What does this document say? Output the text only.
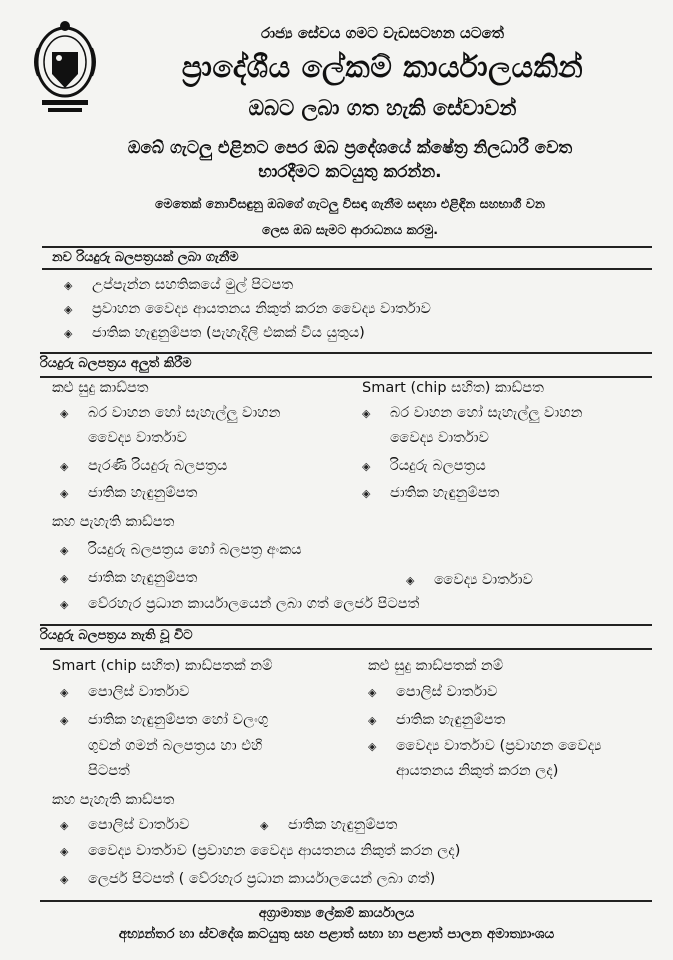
රාජ්‍ය සේවය ගමට වැඩසටහන යටතේ
ප්‍රාදේශීය ලේකම් කාර්යාලයකින්
ඔබට ලබා ගත හැකි සේවාවන්
ඔබේ ගැටලු එළිනට පෙර ඔබ ප්‍රදේශයේ ක්ෂේත්‍ර නිලධාරී වෙත
භාරදීමට කටයුතු කරන්න.
මෙතෙක් නොවිසඳුනු ඔබගේ ගැටලු විසඳා ගැනීම සඳහා එළිඳින සහභාගී වන
ලෙස ඔබ සැමට ආරාධනය කරමු.
නව රියදුරු බලපත්‍රයක් ලබා ගැනීම
◈ උප්පැන්න සහතිකයේ මුල් පිටපත
◈ ප්‍රවාහන වෛද්‍ය ආයතනය නිකුත් කරන වෛද්‍ය වාර්තාව
◈ ජාතික හැඳුනුම්පත (පැහැදිලි එකක් විය යුතුය)
රියදුරු බලපත්‍රය අලුත් කිරීම
කළු සුදු කාඩ්පත	Smart (chip සහිත) කාඩ්පත
◈ බර වාහන හෝ සැහැල්ලු වාහන
වෛද්‍ය වාර්තාව
◈ පැරණි රියදුරු බලපත්‍රය
◈ ජාතික හැඳුනුම්පත
◈ බර වාහන හෝ සැහැල්ලු වාහන
වෛද්‍ය වාර්තාව
◈ රියදුරු බලපත්‍රය
◈ ජාතික හැඳුනුම්පත
කහ පැහැති කාඩ්පත
◈ රියදුරු බලපත්‍රය හෝ බලපත්‍ර අංකය
◈ ජාතික හැඳුනුම්පත	◈ වෛද්‍ය වාර්තාව
◈ වේරහැර ප්‍රධාන කාර්යාලයෙන් ලබා ගත් ලෙජර් පිටපත්
රියදුරු බලපත්‍රය නැති වූ විට
Smart (chip සහිත) කාඩ්පතක් නම්	කළු සුදු කාඩ්පතක් නම්
◈ පොලිස් වාර්තාව
◈ ජාතික හැඳුනුම්පත හෝ වලංගු
ගුවන් ගමන් බලපත්‍රය හා එහි
පිටපත්
◈ පොලිස් වාර්තාව
◈ ජාතික හැඳුනුම්පත
◈ වෛද්‍ය වාර්තාව (ප්‍රවාහන වෛද්‍ය
ආයතනය නිකුත් කරන ලද)
කහ පැහැති කාඩ්පත
◈ පොලිස් වාර්තාව	◈ ජාතික හැඳුනුම්පත
◈ වෛද්‍ය වාර්තාව (ප්‍රවාහන වෛද්‍ය ආයතනය නිකුත් කරන ලද)
◈ ලෙජර් පිටපත් ( වේරහැර ප්‍රධාන කාර්යාලයෙන් ලබා ගත්)
අග්‍රාමාත්‍ය ලේකම් කාර්යාලය
අභ්‍යන්තර හා ස්වදේශ කටයුතු සහ පළාත් සභා හා පළාත් පාලන අමාත්‍යාංශය
